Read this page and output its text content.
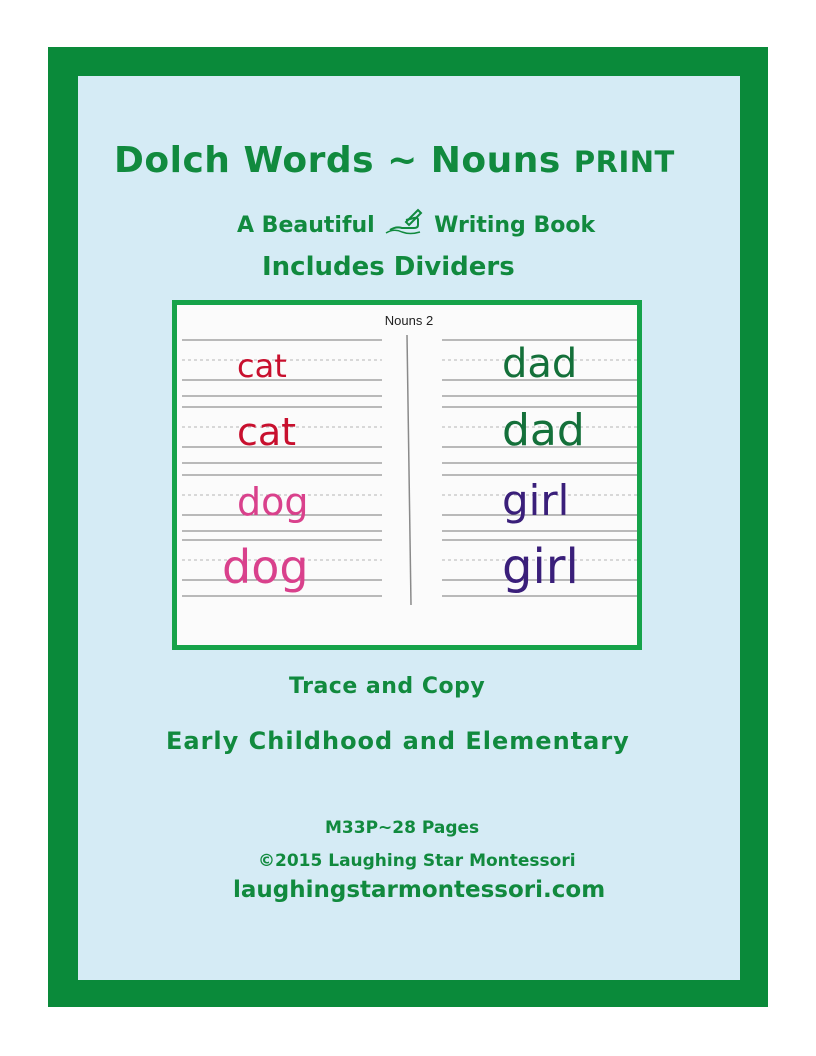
Dolch Words ~ Nouns PRINT
A Beautiful	Writing Book
Includes Dividers
Nouns 2
cat
cat
dog
dog
dad
dad
girl
girl
Trace and Copy
Early Childhood and Elementary
M33P~28 Pages
©2015 Laughing Star Montessori
laughingstarmontessori.com
